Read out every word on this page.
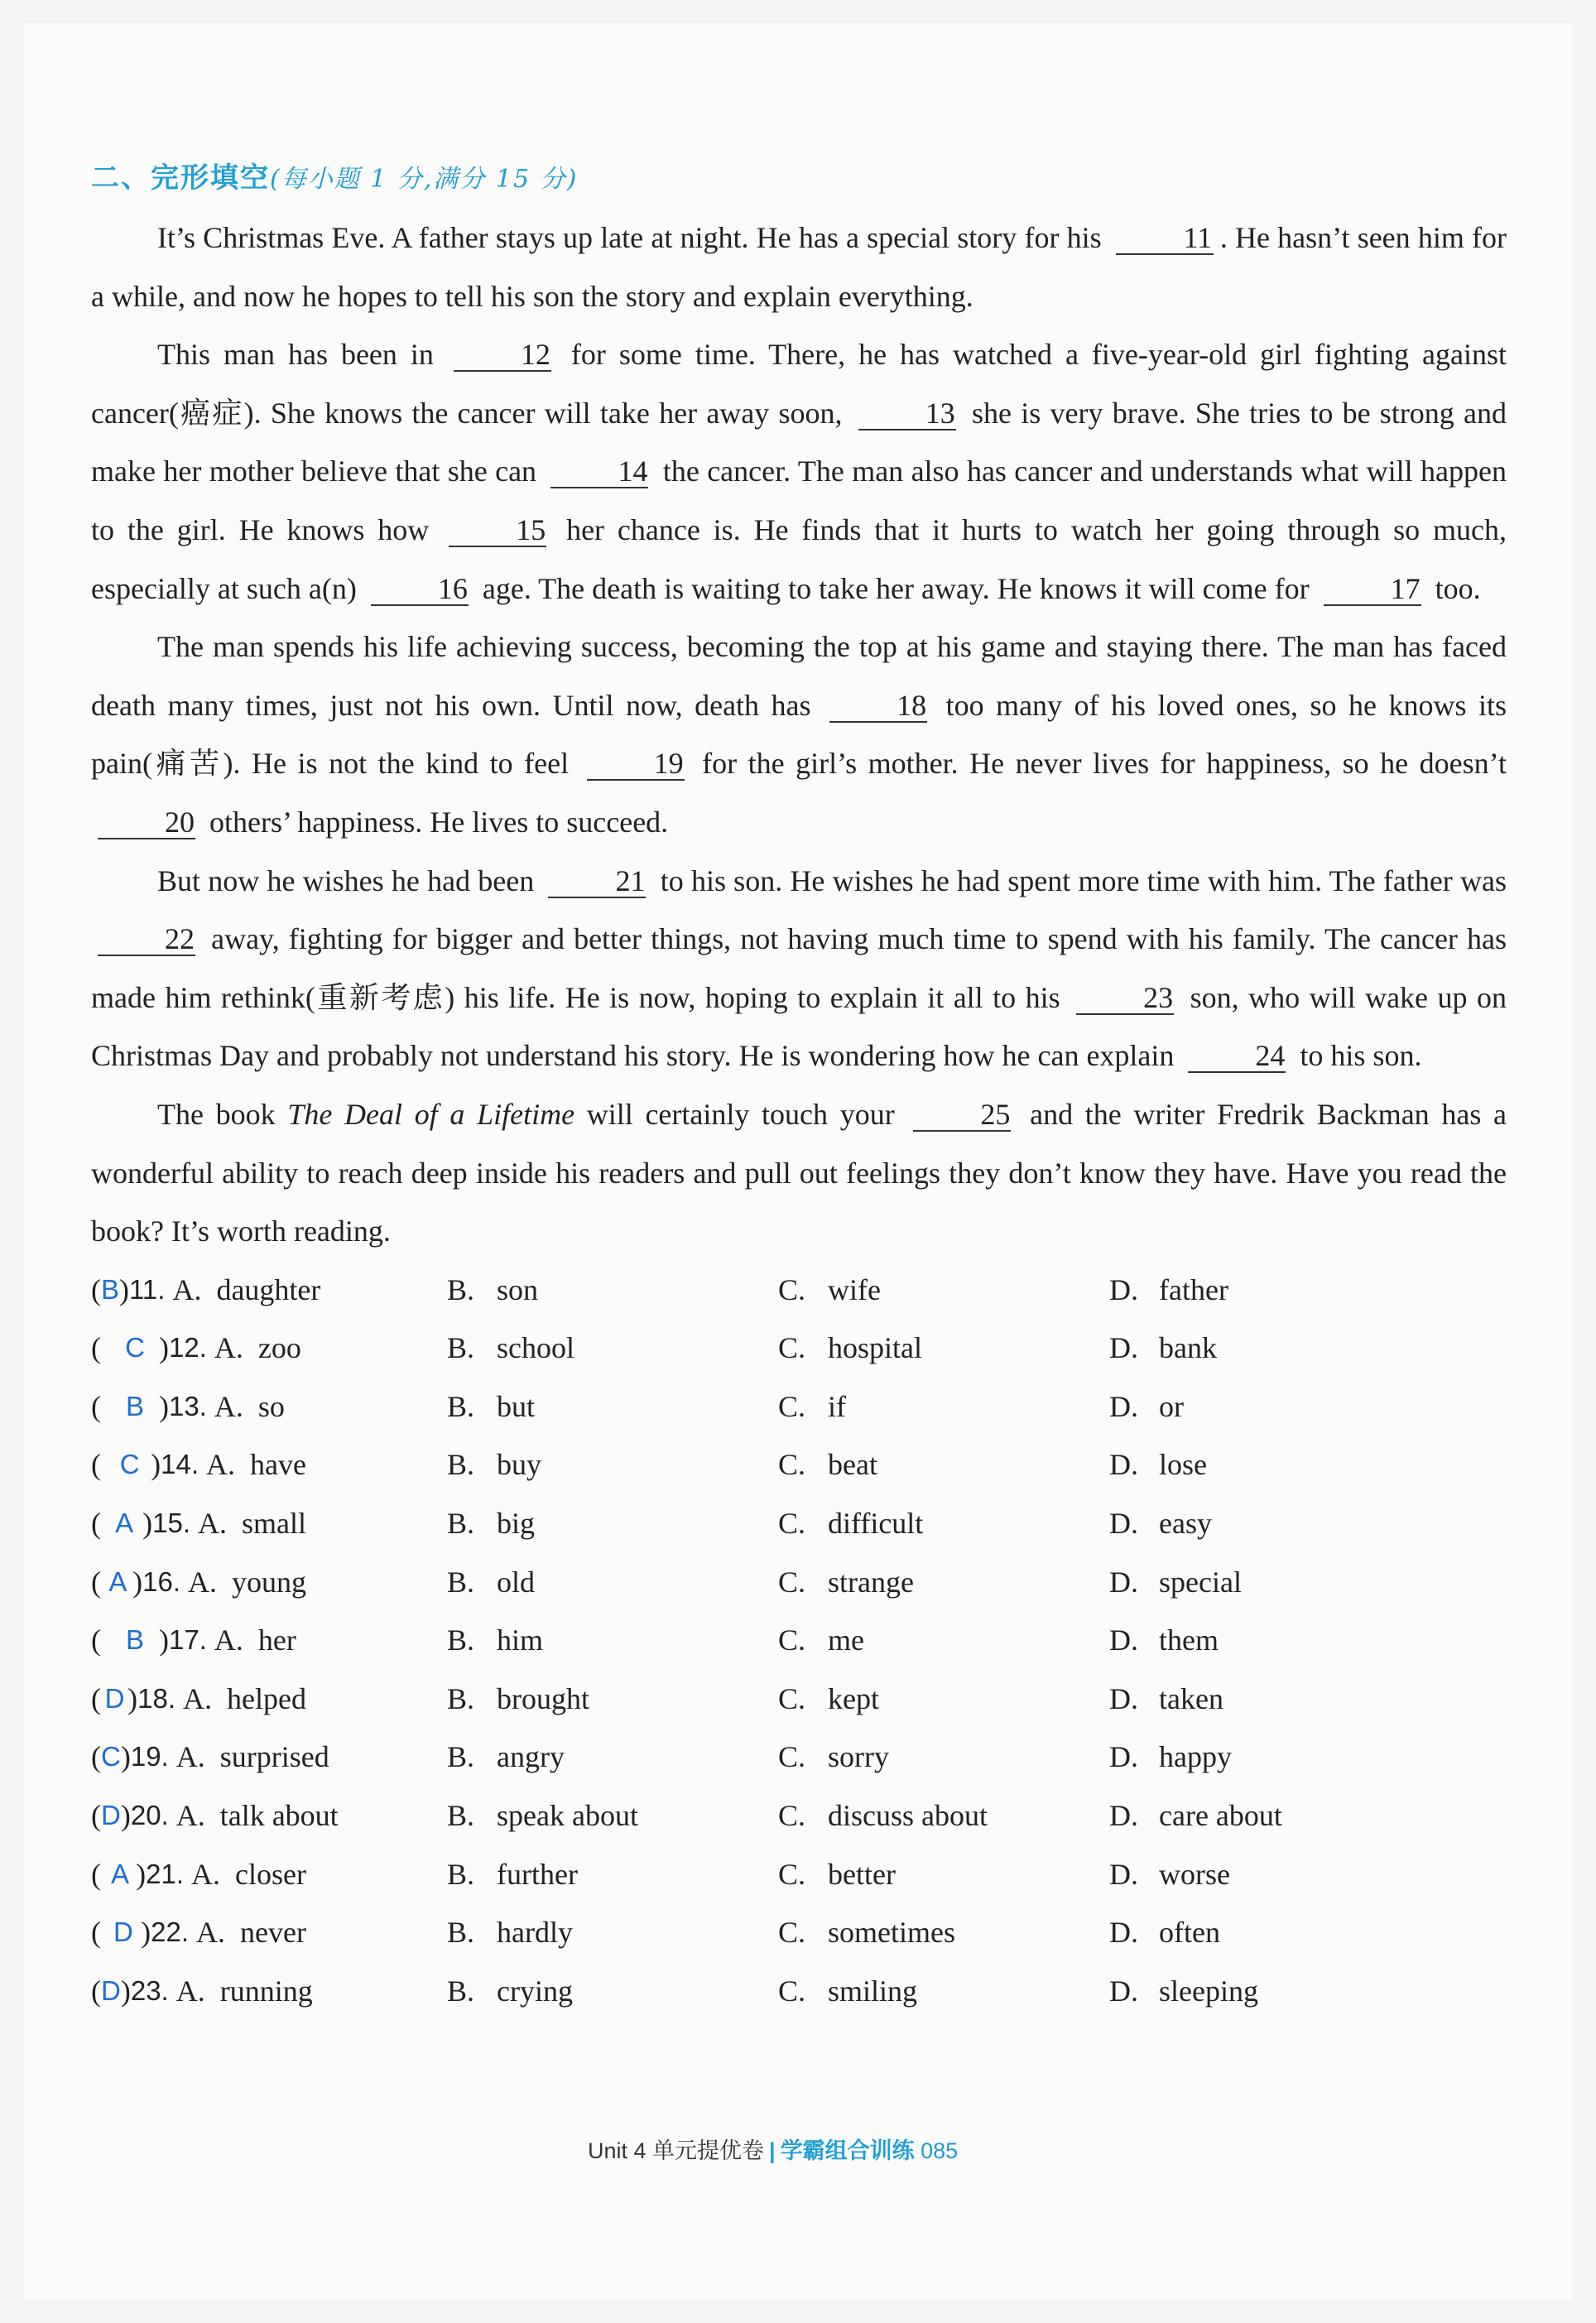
二、完形填空(每小题 1 分,满分 15 分)

It’s Christmas Eve. A father stays up late at night. He has a special story for his	11 . He hasn’t seen him for a while, and now he hopes to tell his son the story and explain everything.

This man has been in	12 for some time. There, he has watched a five-year-old girl fighting against cancer(癌症). She knows the cancer will take her away soon,	13 she is very brave. She tries to be strong and make her mother believe that she can	14 the cancer. The man also has cancer and understands what will happen to the girl. He knows how	15 her chance is. He finds that it hurts to watch her going through so much, especially at such a(n)	16 age. The death is waiting to take her away. He knows it will come for	17 too.

The man spends his life achieving success, becoming the top at his game and staying there. The man has faced death many times, just not his own. Until now, death has	18 too many of his loved ones, so he knows its pain(痛苦). He is not the kind to feel	19 for the girl’s mother. He never lives for happiness, so he doesn’t 20 others’ happiness. He lives to succeed.

But now he wishes he had been	21 to his son. He wishes he had spent more time with him. The father was 22 away, fighting for bigger and better things, not having much time to spend with his family. The cancer has made him rethink(重新考虑) his life. He is now, hoping to explain it all to his	23 son, who will wake up on Christmas Day and probably not understand his story. He is wondering how he can explain	24 to his son.

The book The Deal of a Lifetime will certainly touch your	25 and the writer Fredrik Backman has a wonderful ability to reach deep inside his readers and pull out feelings they don’t know they have. Have you read the book? It’s worth reading.

( B ) 11. A. daughter	B. son	C. wife	D. father
( C ) 12. A. zoo	B. school	C. hospital	D. bank
( B ) 13. A. so	B. but	C. if	D. or
( C ) 14. A. have	B. buy	C. beat	D. lose
( A ) 15. A. small	B. big	C. difficult	D. easy
( A ) 16. A. young	B. old	C. strange	D. special
( B ) 17. A. her	B. him	C. me	D. them
( D ) 18. A. helped	B. brought	C. kept	D. taken
( C ) 19. A. surprised	B. angry	C. sorry	D. happy
( D ) 20. A. talk about	B. speak about	C. discuss about	D. care about
( A ) 21. A. closer	B. further	C. better	D. worse
( D ) 22. A. never	B. hardly	C. sometimes	D. often
( D ) 23. A. running	B. crying	C. smiling	D. sleeping
Unit 4 单元提优卷 | 学霸组合训练 085
